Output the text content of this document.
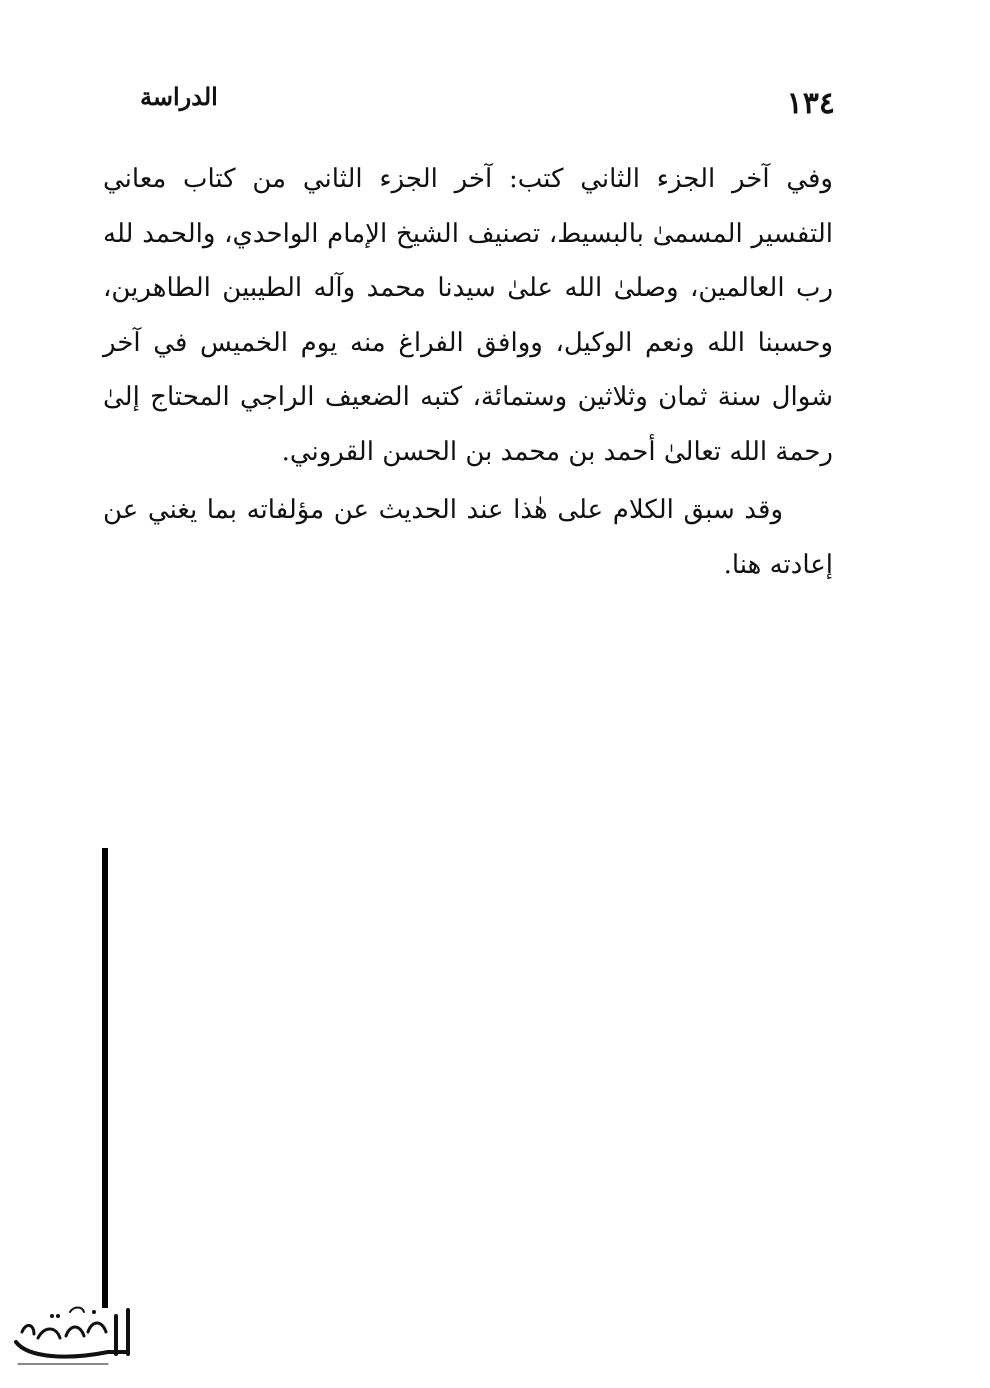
١٣٤
الدراسة

وفي آخر الجزء الثاني كتب: آخر الجزء الثاني من كتاب معاني التفسير المسمىٰ بالبسيط، تصنيف الشيخ الإمام الواحدي، والحمد لله رب العالمين، وصلىٰ الله علىٰ سيدنا محمد وآله الطيبين الطاهرين، وحسبنا الله ونعم الوكيل، ووافق الفراغ منه يوم الخميس في آخر شوال سنة ثمان وثلاثين وستمائة، كتبه الضعيف الراجي المحتاج إلىٰ رحمة الله تعالىٰ أحمد بن محمد بن الحسن القروني.

وقد سبق الكلام على هٰذا عند الحديث عن مؤلفاته بما يغني عن إعادته هنا.
